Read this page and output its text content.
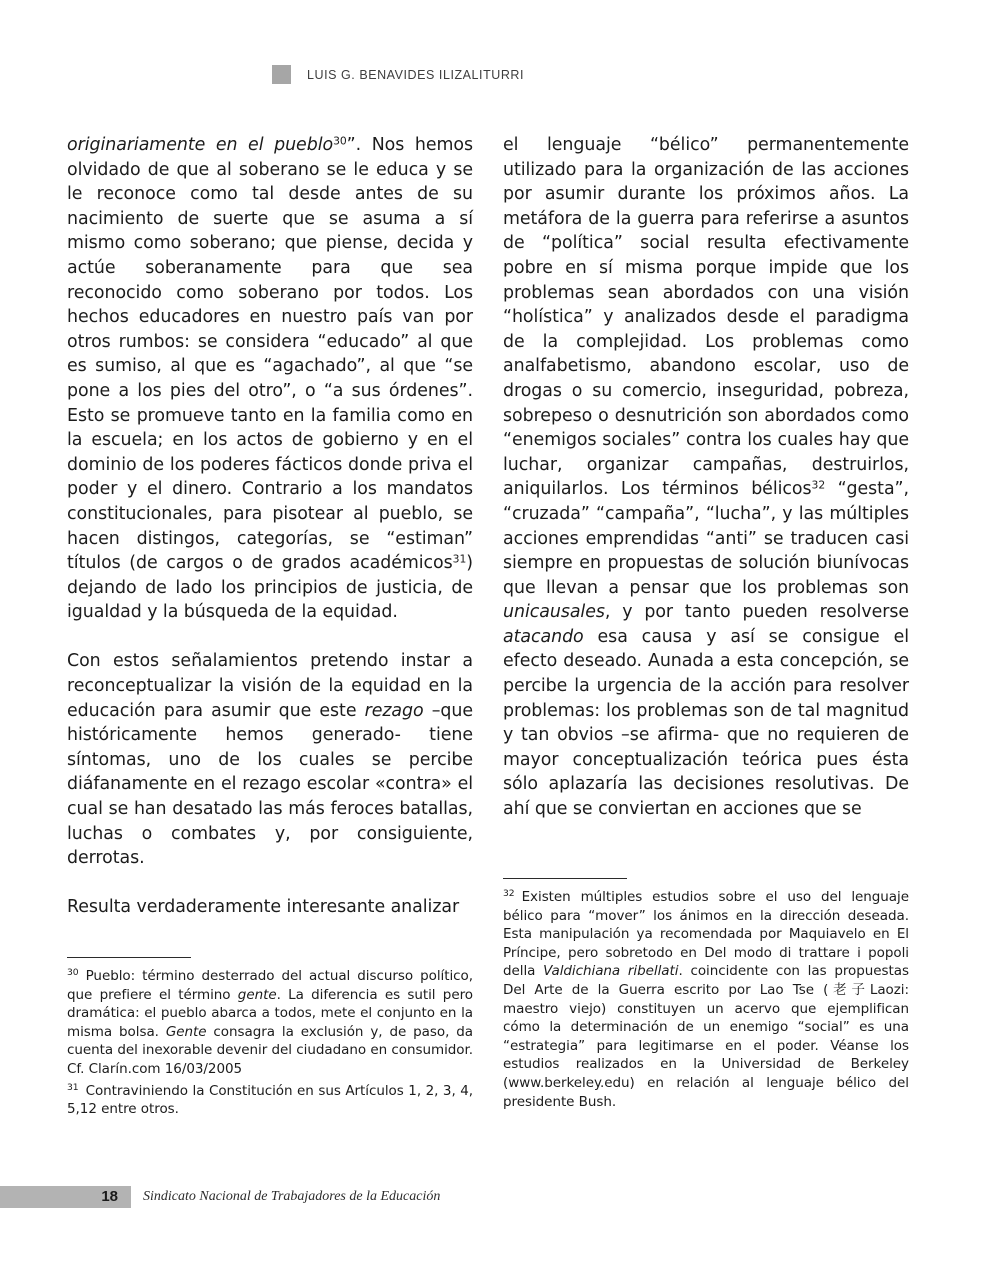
LUIS G. BENAVIDES ILIZALITURRI

originariamente en el pueblo$^{30}$”. Nos hemos olvidado de que al soberano se le educa y se le reconoce como tal desde antes de su nacimiento de suerte que se asuma a sí mismo como soberano; que piense, decida y actúe soberanamente para que sea reconocido como soberano por todos. Los hechos educadores en nuestro país van por otros rumbos: se considera “educado” al que es sumiso, al que es “agachado”, al que “se pone a los pies del otro”, o “a sus órdenes”. Esto se promueve tanto en la familia como en la escuela; en los actos de gobierno y en el dominio de los poderes fácticos donde priva el poder y el dinero. Contrario a los mandatos constitucionales, para pisotear al pueblo, se hacen distingos, categorías, se “estiman” títulos (de cargos o de grados académicos$^{31}$) dejando de lado los principios de justicia, de igualdad y la búsqueda de la equidad.

Con estos señalamientos pretendo instar a reconceptualizar la visión de la equidad en la educación para asumir que este rezago –que históricamente hemos generado- tiene síntomas, uno de los cuales se percibe diáfanamente en el rezago escolar «contra» el cual se han desatado las más feroces batallas, luchas o combates y, por consiguiente, derrotas.

Resulta verdaderamente interesante analizar

$^{30}$ Pueblo: término desterrado del actual discurso político, que prefiere el término gente. La diferencia es sutil pero dramática: el pueblo abarca a todos, mete el conjunto en la misma bolsa. Gente consagra la exclusión y, de paso, da cuenta del inexorable devenir del ciudadano en consumidor. Cf. Clarín.com 16/03/2005

$^{31}$ Contraviniendo la Constitución en sus Artículos 1, 2, 3, 4, 5,12 entre otros.

el lenguaje “bélico” permanentemente utilizado para la organización de las acciones por asumir durante los próximos años. La metáfora de la guerra para referirse a asuntos de “política” social resulta efectivamente pobre en sí misma porque impide que los problemas sean abordados con una visión “holística” y analizados desde el paradigma de la complejidad. Los problemas como analfabetismo, abandono escolar, uso de drogas o su comercio, inseguridad, pobreza, sobrepeso o desnutrición son abordados como “enemigos sociales” contra los cuales hay que luchar, organizar campañas, destruirlos, aniquilarlos. Los términos bélicos$^{32}$ “gesta”, “cruzada” “campaña”, “lucha”, y las múltiples acciones emprendidas “anti” se traducen casi siempre en propuestas de solución biunívocas que llevan a pensar que los problemas son unicausales, y por tanto pueden resolverse atacando esa causa y así se consigue el efecto deseado. Aunada a esta concepción, se percibe la urgencia de la acción para resolver problemas: los problemas son de tal magnitud y tan obvios –se afirma- que no requieren de mayor conceptualización teórica pues ésta sólo aplazaría las decisiones resolutivas. De ahí que se conviertan en acciones que se

$^{32}$ Existen múltiples estudios sobre el uso del lenguaje bélico para “mover” los ánimos en la dirección deseada. Esta manipulación ya recomendada por Maquiavelo en El Príncipe, pero sobretodo en Del modo di trattare i popoli della Valdichiana ribellati. coincidente con las propuestas Del Arte de la Guerra escrito por Lao Tse (老子Laozi: maestro viejo) constituyen un acervo que ejemplifican cómo la determinación de un enemigo “social” es una “estrategia” para legitimarse en el poder. Véanse los estudios realizados en la Universidad de Berkeley (www.berkeley.edu) en relación al lenguaje bélico del presidente Bush.

18 Sindicato Nacional de Trabajadores de la Educación
